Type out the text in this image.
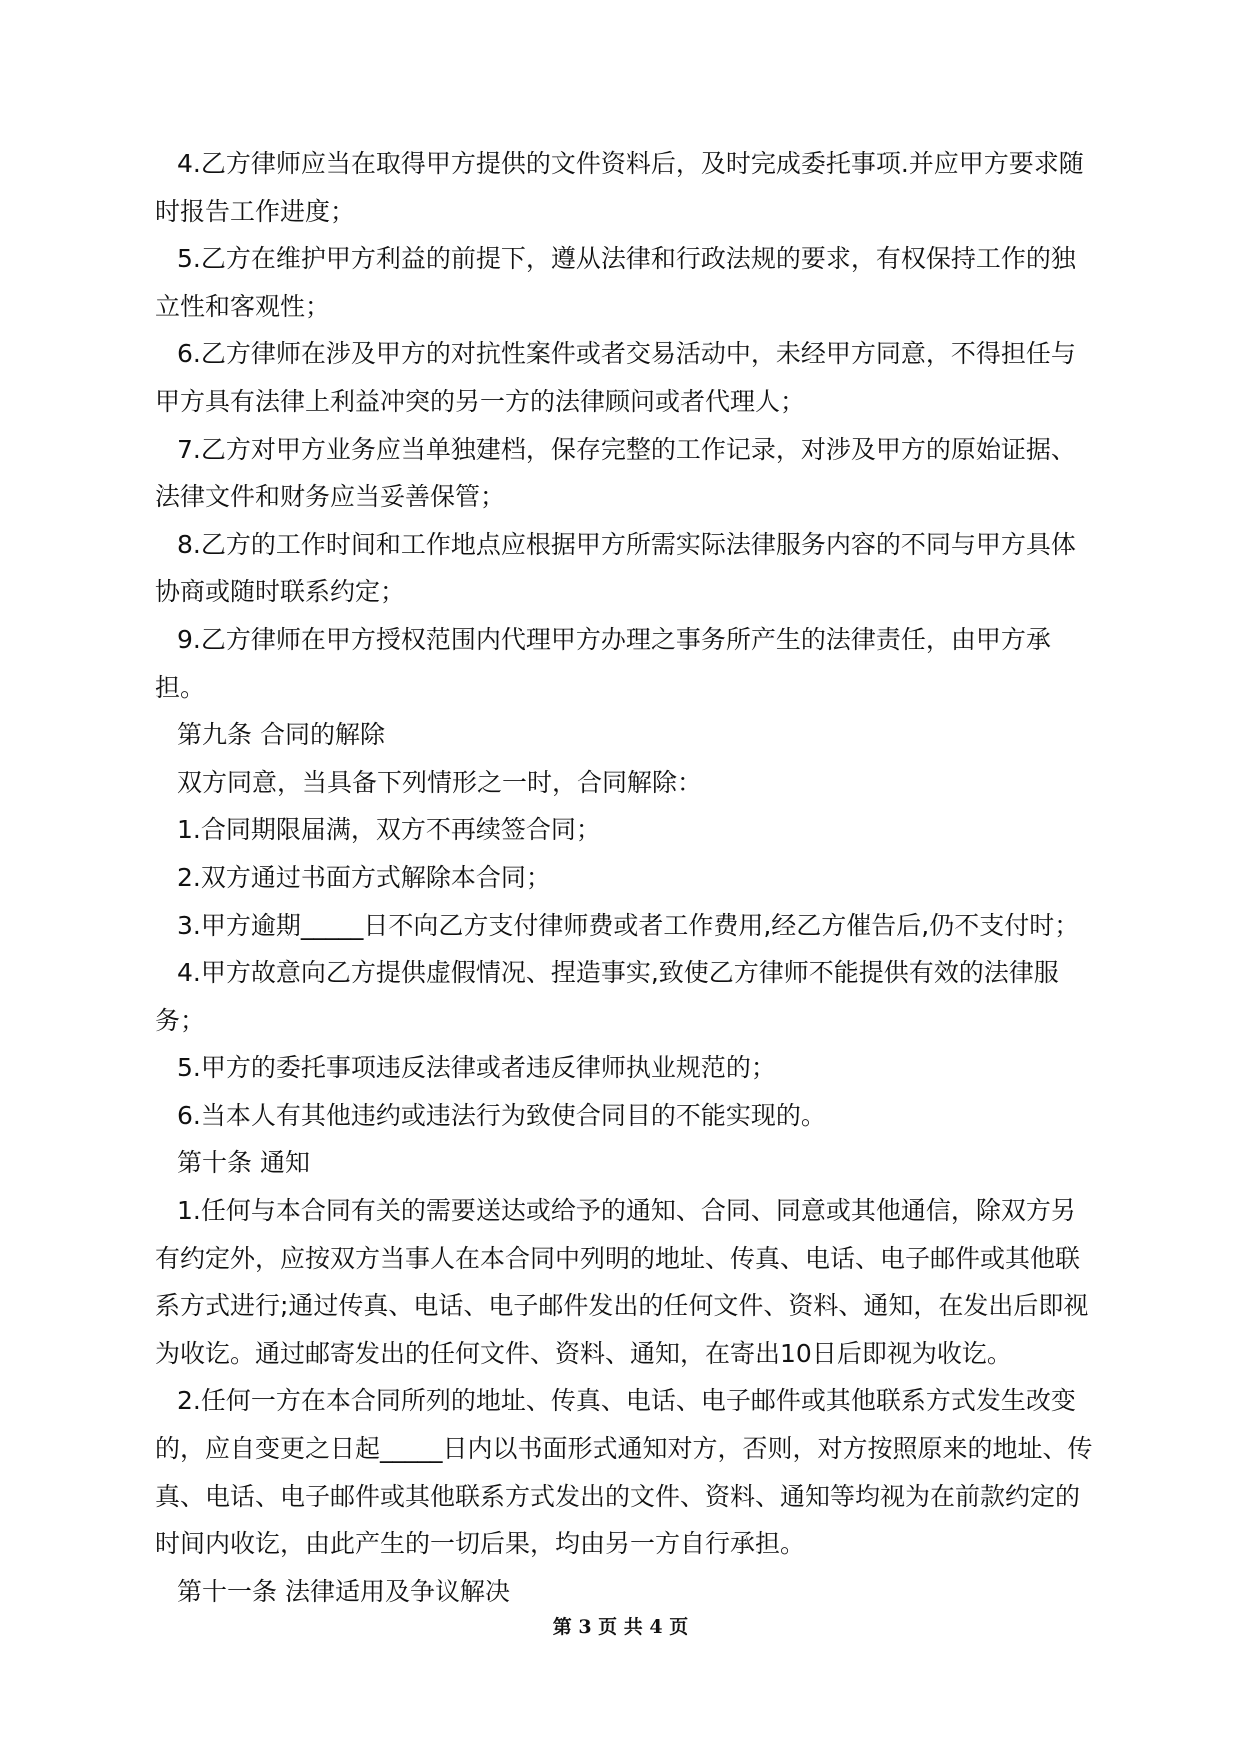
4.乙方律师应当在取得甲方提供的文件资料后，及时完成委托事项.并应甲方要求随时报告工作进度；

5.乙方在维护甲方利益的前提下，遵从法律和行政法规的要求，有权保持工作的独立性和客观性；

6.乙方律师在涉及甲方的对抗性案件或者交易活动中，未经甲方同意，不得担任与甲方具有法律上利益冲突的另一方的法律顾问或者代理人；

7.乙方对甲方业务应当单独建档，保存完整的工作记录，对涉及甲方的原始证据、法律文件和财务应当妥善保管；

8.乙方的工作时间和工作地点应根据甲方所需实际法律服务内容的不同与甲方具体协商或随时联系约定；

9.乙方律师在甲方授权范围内代理甲方办理之事务所产生的法律责任，由甲方承担。

第九条 合同的解除

双方同意，当具备下列情形之一时，合同解除：

1.合同期限届满，双方不再续签合同；

2.双方通过书面方式解除本合同；

3.甲方逾期_____日不向乙方支付律师费或者工作费用,经乙方催告后,仍不支付时；

4.甲方故意向乙方提供虚假情况、捏造事实,致使乙方律师不能提供有效的法律服务；

5.甲方的委托事项违反法律或者违反律师执业规范的；

6.当本人有其他违约或违法行为致使合同目的不能实现的。

第十条 通知

1.任何与本合同有关的需要送达或给予的通知、合同、同意或其他通信，除双方另有约定外，应按双方当事人在本合同中列明的地址、传真、电话、电子邮件或其他联系方式进行;通过传真、电话、电子邮件发出的任何文件、资料、通知，在发出后即视为收讫。通过邮寄发出的任何文件、资料、通知，在寄出10日后即视为收讫。

2.任何一方在本合同所列的地址、传真、电话、电子邮件或其他联系方式发生改变的，应自变更之日起_____日内以书面形式通知对方，否则，对方按照原来的地址、传真、电话、电子邮件或其他联系方式发出的文件、资料、通知等均视为在前款约定的时间内收讫，由此产生的一切后果，均由另一方自行承担。

第十一条 法律适用及争议解决

第 3 页 共 4 页
